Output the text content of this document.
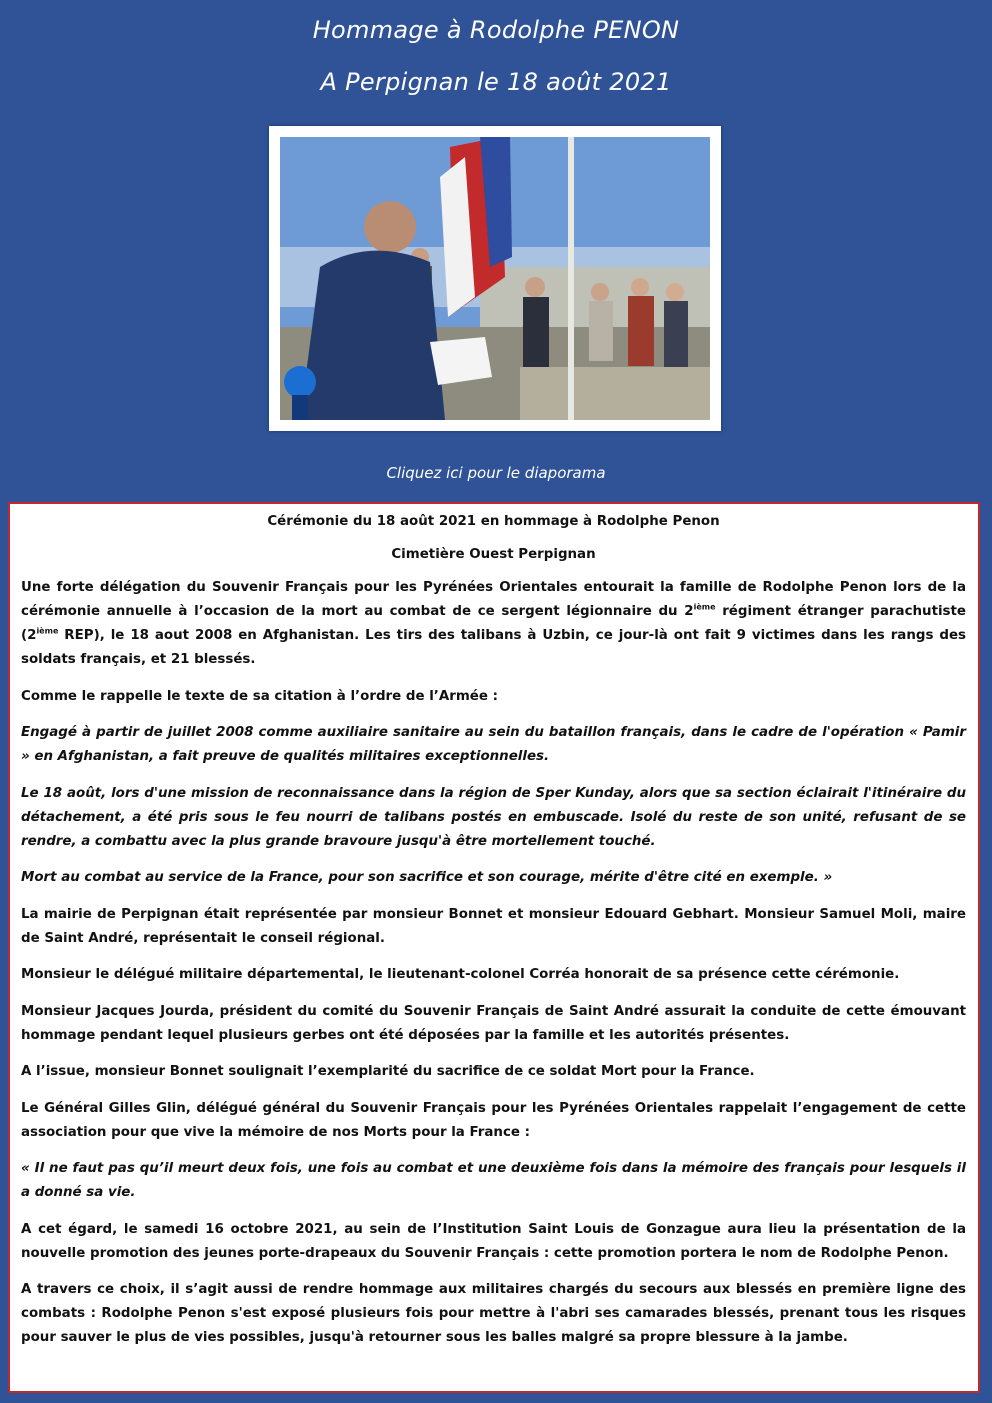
Hommage à Rodolphe PENON
A Perpignan le 18 août 2021
Cliquez ici pour le diaporama

Cérémonie du 18 août 2021 en hommage à Rodolphe Penon

Cimetière Ouest Perpignan

Une forte délégation du Souvenir Français pour les Pyrénées Orientales entourait la famille de Rodolphe Penon lors de la cérémonie annuelle à l’occasion de la mort au combat de ce sergent légionnaire du 2ième régiment étranger parachutiste (2ième REP), le 18 aout 2008 en Afghanistan. Les tirs des talibans à Uzbin, ce jour-là ont fait 9 victimes dans les rangs des soldats français, et 21 blessés.

Comme le rappelle le texte de sa citation à l’ordre de l’Armée :

Engagé à partir de juillet 2008 comme auxiliaire sanitaire au sein du bataillon français, dans le cadre de l'opération « Pamir » en Afghanistan, a fait preuve de qualités militaires exceptionnelles.

Le 18 août, lors d'une mission de reconnaissance dans la région de Sper Kunday, alors que sa section éclairait l'itinéraire du détachement, a été pris sous le feu nourri de talibans postés en embuscade. Isolé du reste de son unité, refusant de se rendre, a combattu avec la plus grande bravoure jusqu'à être mortellement touché.

Mort au combat au service de la France, pour son sacrifice et son courage, mérite d'être cité en exemple. »

La mairie de Perpignan était représentée par monsieur Bonnet et monsieur Edouard Gebhart. Monsieur Samuel Moli, maire de Saint André, représentait le conseil régional.

Monsieur le délégué militaire départemental, le lieutenant-colonel Corréa honorait de sa présence cette cérémonie.

Monsieur Jacques Jourda, président du comité du Souvenir Français de Saint André assurait la conduite de cette émouvant hommage pendant lequel plusieurs gerbes ont été déposées par la famille et les autorités présentes.

A l’issue, monsieur Bonnet soulignait l’exemplarité du sacrifice de ce soldat Mort pour la France.

Le Général Gilles Glin, délégué général du Souvenir Français pour les Pyrénées Orientales rappelait l’engagement de cette association pour que vive la mémoire de nos Morts pour la France :

« Il ne faut pas qu’il meurt deux fois, une fois au combat et une deuxième fois dans la mémoire des français pour lesquels il a donné sa vie.

A cet égard, le samedi 16 octobre 2021, au sein de l’Institution Saint Louis de Gonzague aura lieu la présentation de la nouvelle promotion des jeunes porte-drapeaux du Souvenir Français : cette promotion portera le nom de Rodolphe Penon.

A travers ce choix, il s’agit aussi de rendre hommage aux militaires chargés du secours aux blessés en première ligne des combats : Rodolphe Penon s'est exposé plusieurs fois pour mettre à l'abri ses camarades blessés, prenant tous les risques pour sauver le plus de vies possibles, jusqu'à retourner sous les balles malgré sa propre blessure à la jambe.
